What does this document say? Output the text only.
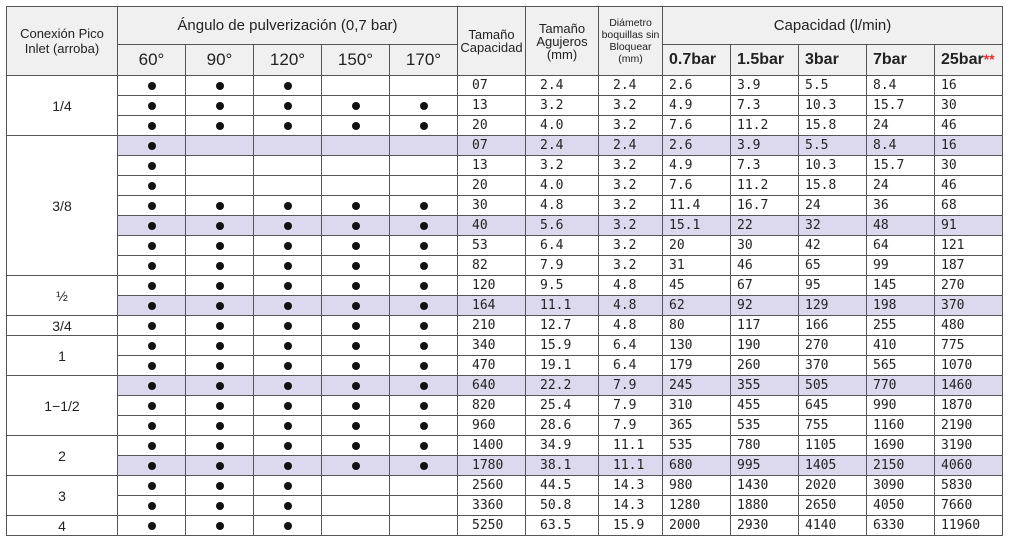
Conexión Pico Inlet (arroba)	Ángulo de pulverización (0,7 bar)					Tamaño Capacidad	Tamaño Agujeros (mm)	Diámetro boquillas sin Bloquear (mm)	Capacidad (l/min)				
	60°	90°	120°	150°	170°				0.7bar	1.5bar	3bar	7bar	25bar**
1/4						07	2.4	2.4	2.6	3.9	5.5	8.4	16
						13	3.2	3.2	4.9	7.3	10.3	15.7	30
						20	4.0	3.2	7.6	11.2	15.8	24	46
3/8						07	2.4	2.4	2.6	3.9	5.5	8.4	16
						13	3.2	3.2	4.9	7.3	10.3	15.7	30
						20	4.0	3.2	7.6	11.2	15.8	24	46
						30	4.8	3.2	11.4	16.7	24	36	68
						40	5.6	3.2	15.1	22	32	48	91
						53	6.4	3.2	20	30	42	64	121
						82	7.9	3.2	31	46	65	99	187
½						120	9.5	4.8	45	67	95	145	270
						164	11.1	4.8	62	92	129	198	370
3/4						210	12.7	4.8	80	117	166	255	480
1						340	15.9	6.4	130	190	270	410	775
						470	19.1	6.4	179	260	370	565	1070
1−1/2						640	22.2	7.9	245	355	505	770	1460
						820	25.4	7.9	310	455	645	990	1870
						960	28.6	7.9	365	535	755	1160	2190
2						1400	34.9	11.1	535	780	1105	1690	3190
						1780	38.1	11.1	680	995	1405	2150	4060
3						2560	44.5	14.3	980	1430	2020	3090	5830
						3360	50.8	14.3	1280	1880	2650	4050	7660
4						5250	63.5	15.9	2000	2930	4140	6330	11960
